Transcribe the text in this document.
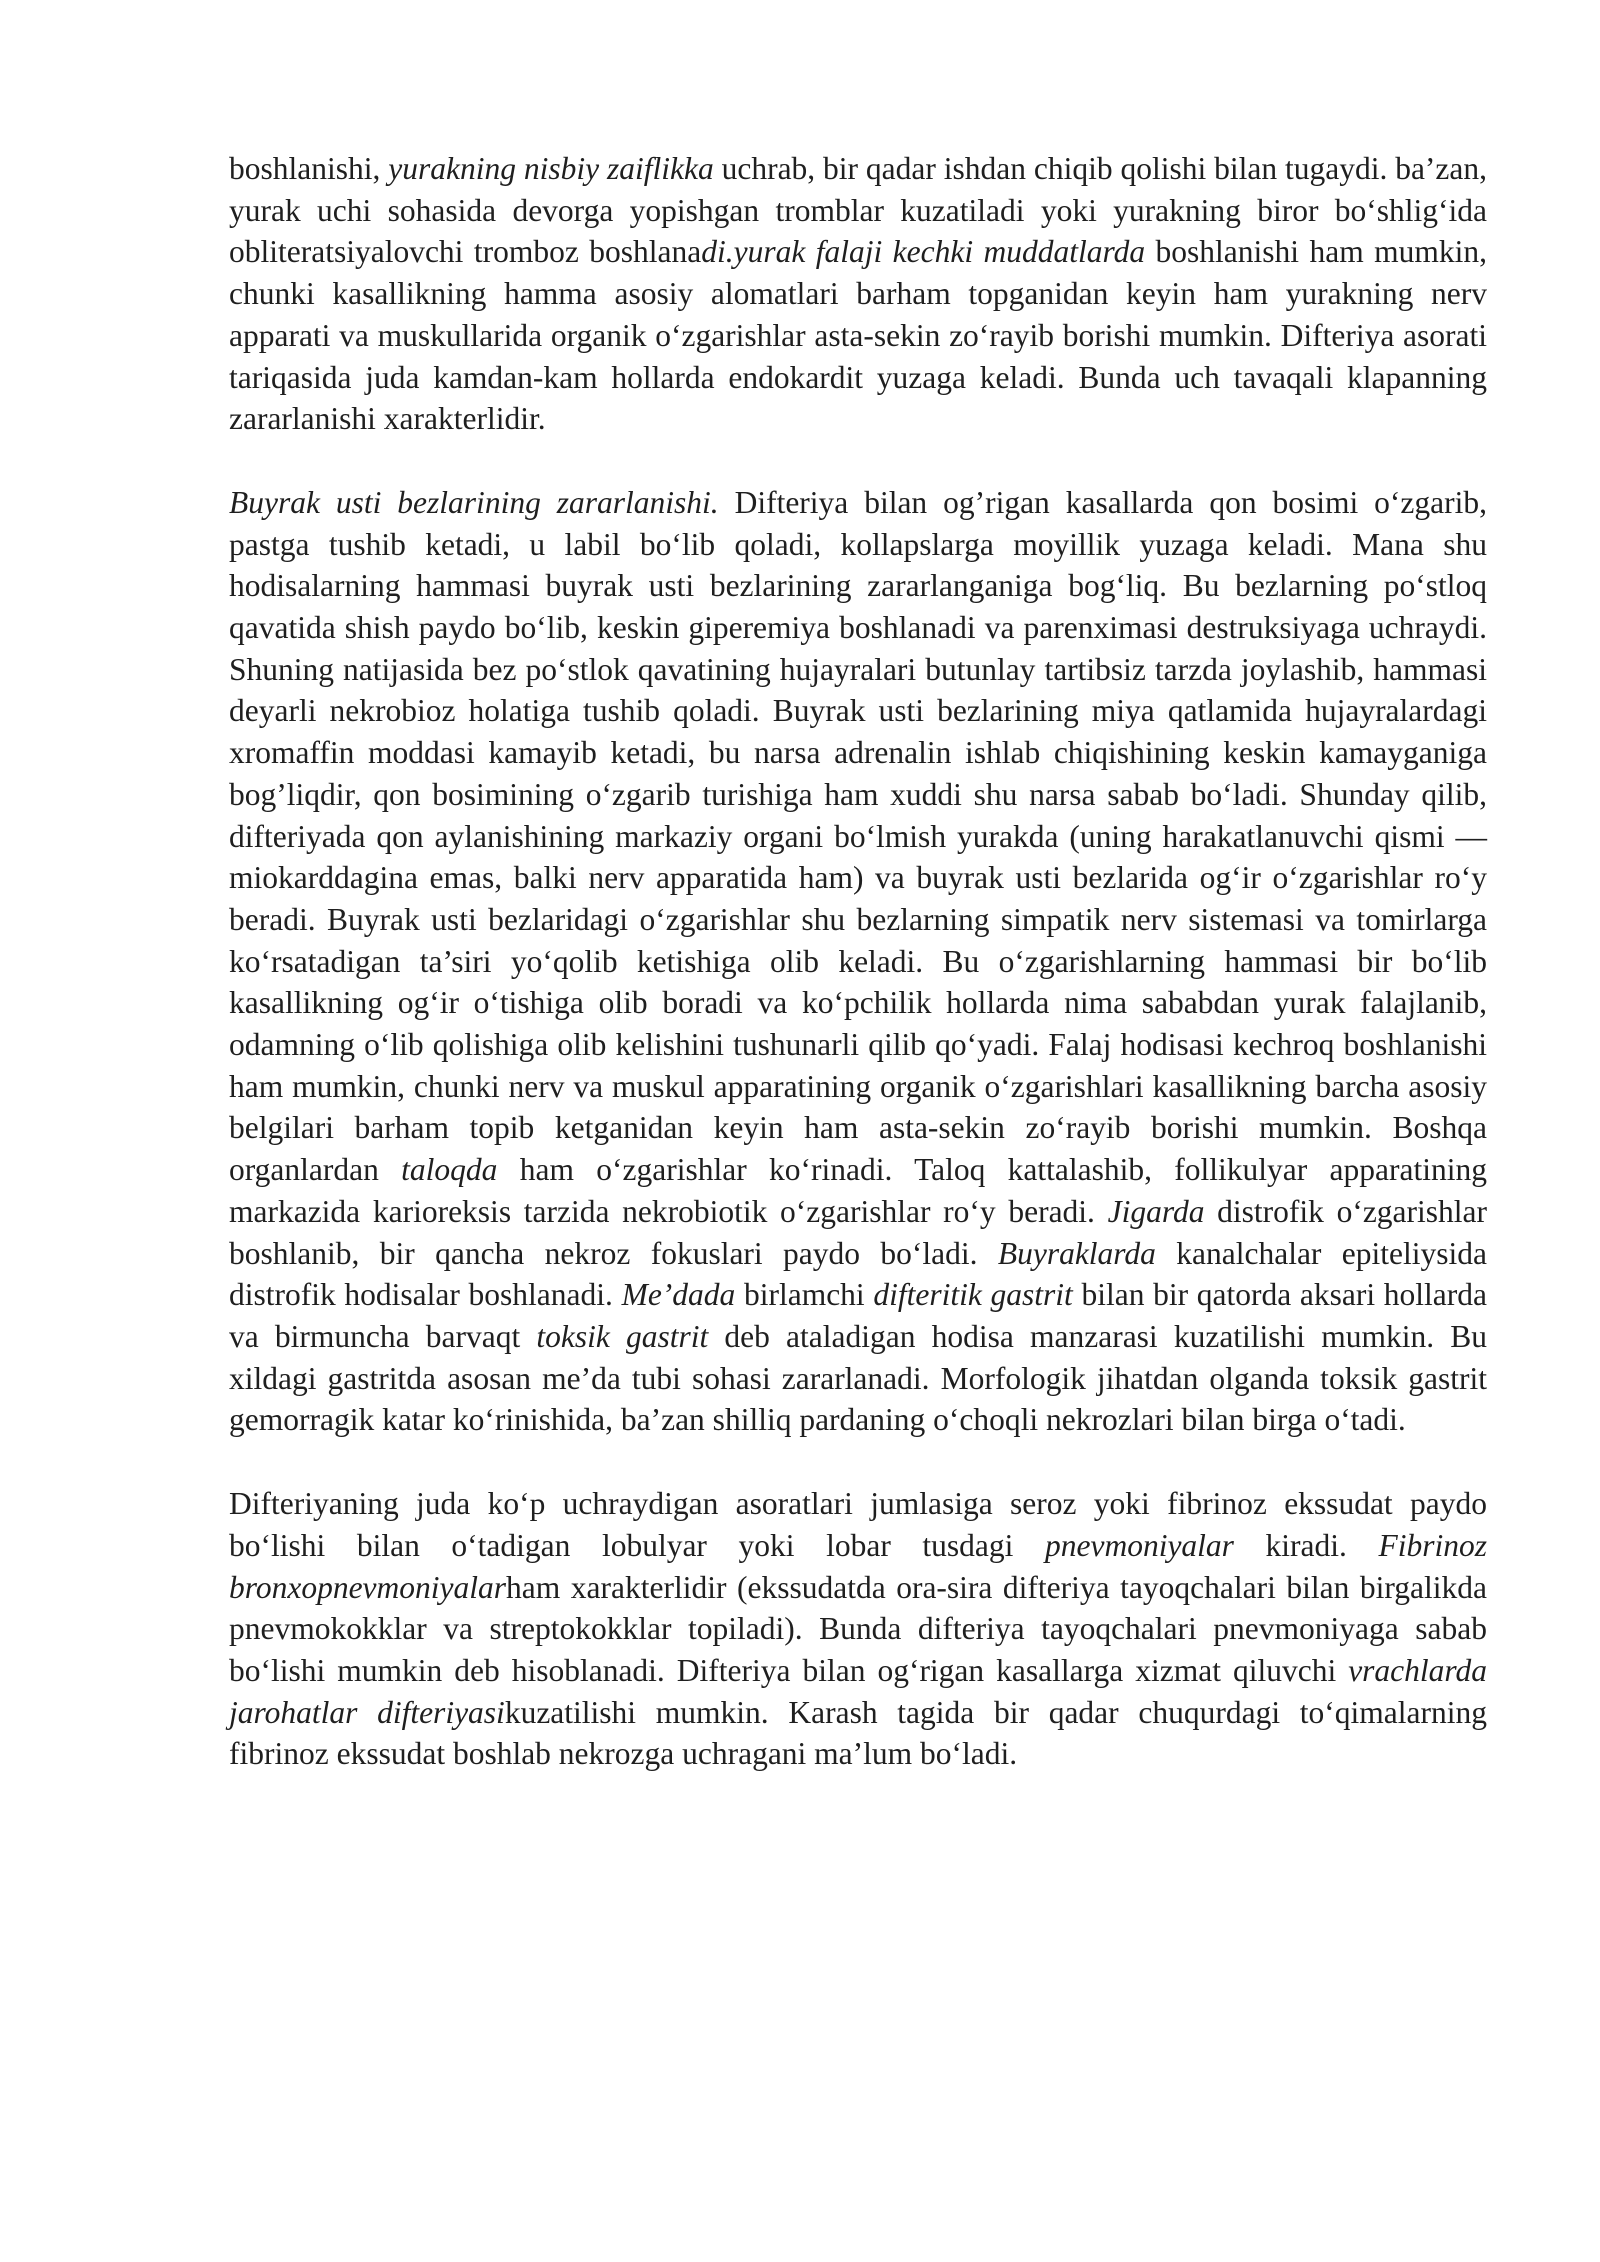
boshlanishi, yurakning nisbiy zaiflikka uchrab, bir qadar ishdan chiqib qolishi bilan tugaydi. ba’zan, yurak uchi sohasida devorga yopishgan tromblar kuzatiladi yoki yurakning biror bo‘shlig‘ida obliteratsiyalovchi tromboz boshlanadi.yurak falaji kechki muddatlarda boshlanishi ham mumkin, chunki kasallikning hamma asosiy alomatlari barham topganidan keyin ham yurakning nerv apparati va muskullarida organik o‘zgarishlar asta-sekin zo‘rayib borishi mumkin. Difteriya asorati tariqasida juda kamdan-kam hollarda endokardit yuzaga keladi. Bunda uch tavaqali klapanning zararlanishi xarakterlidir.

Buyrak usti bezlarining zararlanishi. Difteriya bilan og’rigan kasallarda qon bosimi o‘zgarib, pastga tushib ketadi, u labil bo‘lib qoladi, kollapslarga moyillik yuzaga keladi. Mana shu hodisalarning hammasi buyrak usti bezlarining zararlanganiga bog‘liq. Bu bezlarning po‘stloq qavatida shish paydo bo‘lib, keskin giperemiya boshlanadi va parenximasi destruksiyaga uchraydi. Shuning natijasida bez po‘stlok qavatining hujayralari butunlay tartibsiz tarzda joylashib, hammasi deyarli nekrobioz holatiga tushib qoladi. Buyrak usti bezlarining miya qatlamida hujayralardagi xromaffin moddasi kamayib ketadi, bu narsa adrenalin ishlab chiqishining keskin kamayganiga bog’liqdir, qon bosimining o‘zgarib turishiga ham xuddi shu narsa sabab bo‘ladi. Shunday qilib, difteriyada qon aylanishining markaziy organi bo‘lmish yurakda (uning harakatlanuvchi qismi — miokarddagina emas, balki nerv apparatida ham) va buyrak usti bezlarida og‘ir o‘zgarishlar ro‘y beradi. Buyrak usti bezlaridagi o‘zgarishlar shu bezlarning simpatik nerv sistemasi va tomirlarga ko‘rsatadigan ta’siri yo‘qolib ketishiga olib keladi. Bu o‘zgarishlarning hammasi bir bo‘lib kasallikning og‘ir o‘tishiga olib boradi va ko‘pchilik hollarda nima sababdan yurak falajlanib, odamning o‘lib qolishiga olib kelishini tushunarli qilib qo‘yadi. Falaj hodisasi kechroq boshlanishi ham mumkin, chunki nerv va muskul apparatining organik o‘zgarishlari kasallikning barcha asosiy belgilari barham topib ketganidan keyin ham asta-sekin zo‘rayib borishi mumkin. Boshqa organlardan taloqda ham o‘zgarishlar ko‘rinadi. Taloq kattalashib, follikulyar apparatining markazida karioreksis tarzida nekrobiotik o‘zgarishlar ro‘y beradi. Jigarda distrofik o‘zgarishlar boshlanib, bir qancha nekroz fokuslari paydo bo‘ladi. Buyraklarda kanalchalar epiteliysida distrofik hodisalar boshlanadi. Me’dada birlamchi difteritik gastrit bilan bir qatorda aksari hollarda va birmuncha barvaqt toksik gastrit deb ataladigan hodisa manzarasi kuzatilishi mumkin. Bu xildagi gastritda asosan me’da tubi sohasi zararlanadi. Morfologik jihatdan olganda toksik gastrit gemorragik katar ko‘rinishida, ba’zan shilliq pardaning o‘choqli nekrozlari bilan birga o‘tadi.

Difteriyaning juda ko‘p uchraydigan asoratlari jumlasiga seroz yoki fibrinoz ekssudat paydo bo‘lishi bilan o‘tadigan lobulyar yoki lobar tusdagi pnevmoniyalar kiradi. Fibrinoz bronxopnevmoniyalarham xarakterlidir (ekssudatda ora-sira difteriya tayoqchalari bilan birgalikda pnevmokokklar va streptokokklar topiladi). Bunda difteriya tayoqchalari pnevmoniyaga sabab bo‘lishi mumkin deb hisoblanadi. Difteriya bilan og‘rigan kasallarga xizmat qiluvchi vrachlarda jarohatlar difteriyasikuzatilishi mumkin. Karash tagida bir qadar chuqurdagi to‘qimalarning fibrinoz ekssudat boshlab nekrozga uchragani ma’lum bo‘ladi.
